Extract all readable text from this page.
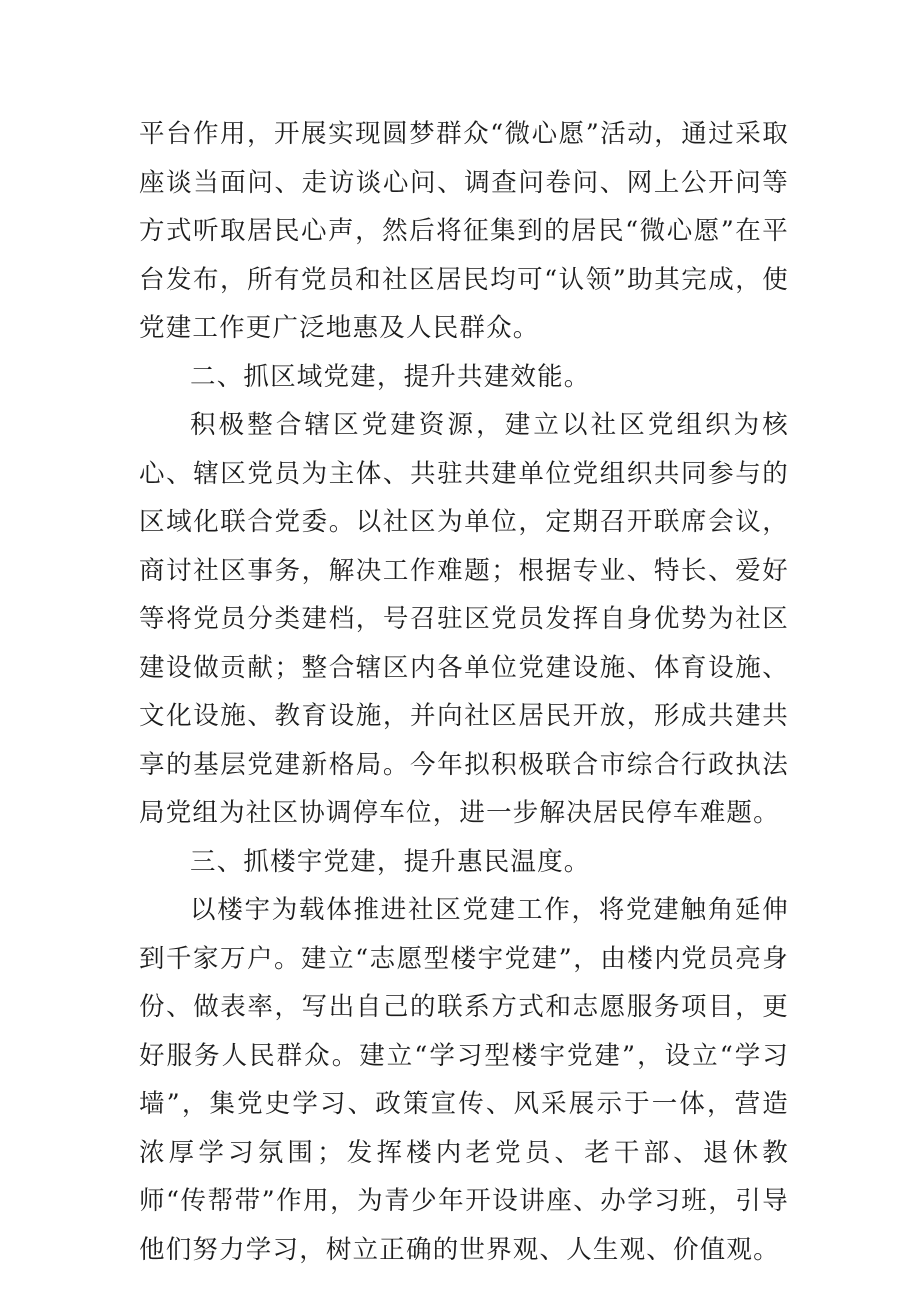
平台作用，开展实现圆梦群众“微心愿”活动，通过采取座谈当面问、走访谈心问、调查问卷问、网上公开问等方式听取居民心声，然后将征集到的居民“微心愿”在平台发布，所有党员和社区居民均可“认领”助其完成，使党建工作更广泛地惠及人民群众。

二、抓区域党建，提升共建效能。

积极整合辖区党建资源，建立以社区党组织为核心、辖区党员为主体、共驻共建单位党组织共同参与的区域化联合党委。以社区为单位，定期召开联席会议，商讨社区事务，解决工作难题；根据专业、特长、爱好等将党员分类建档，号召驻区党员发挥自身优势为社区建设做贡献；整合辖区内各单位党建设施、体育设施、文化设施、教育设施，并向社区居民开放，形成共建共享的基层党建新格局。今年拟积极联合市综合行政执法局党组为社区协调停车位，进一步解决居民停车难题。

三、抓楼宇党建，提升惠民温度。

以楼宇为载体推进社区党建工作，将党建触角延伸到千家万户。建立“志愿型楼宇党建”，由楼内党员亮身份、做表率，写出自己的联系方式和志愿服务项目，更好服务人民群众。建立“学习型楼宇党建”，设立“学习墙”，集党史学习、政策宣传、风采展示于一体，营造浓厚学习氛围；发挥楼内老党员、老干部、退休教师“传帮带”作用，为青少年开设讲座、办学习班，引导他们努力学习，树立正确的世界观、人生观、价值观。
